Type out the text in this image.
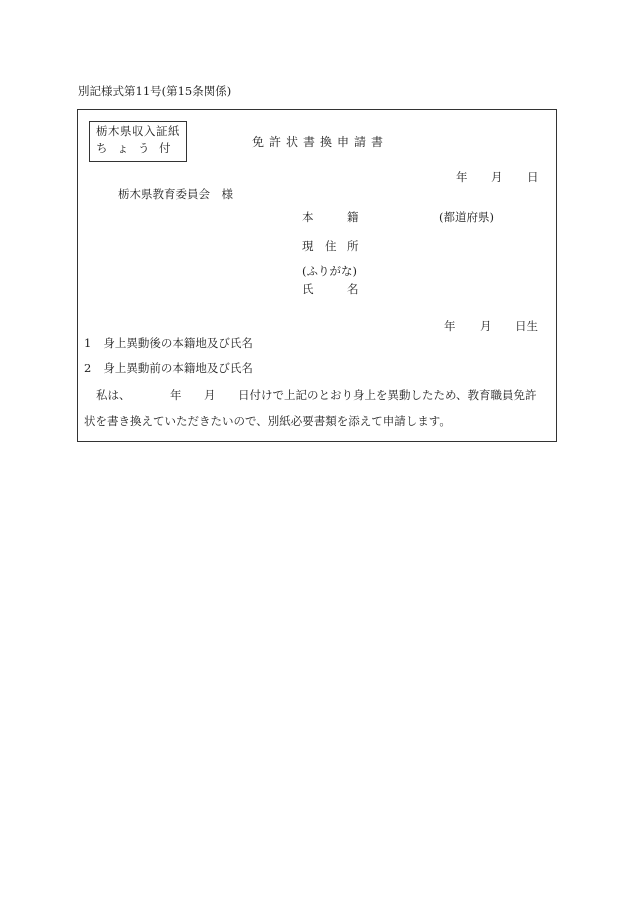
別記様式第11号(第15条関係)
栃木県収入証紙
ち ょ う 付	免許状書換申請書
年 月 日
栃木県教育委員会　様
本	籍	(都道府県)
現 住 所
(ふりがな)
氏	名
年 月 日生
1 身上異動後の本籍地及び氏名
2 身上異動前の本籍地及び氏名
私は、	年 月 日付けで上記のとおり身上を異動したため、教育職員免許
状を書き換えていただきたいので、別紙必要書類を添えて申請します。
